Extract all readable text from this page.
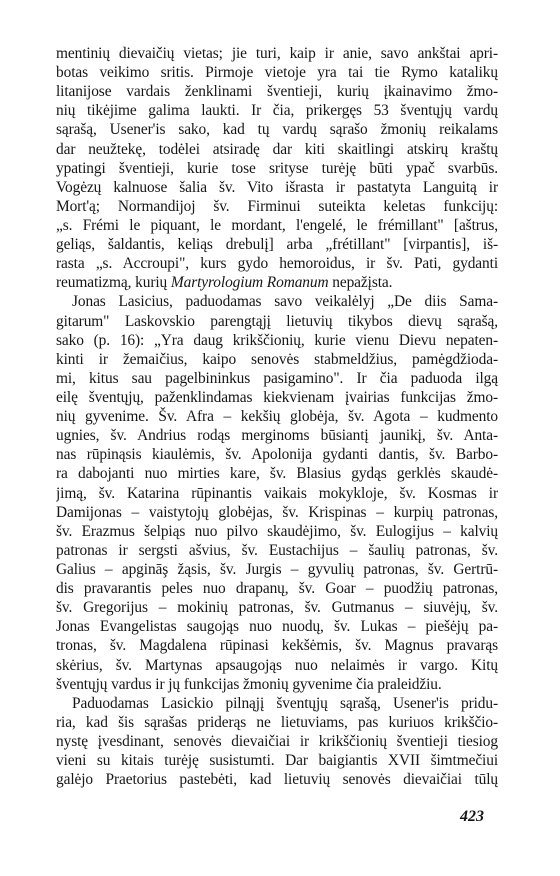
mentinių dievaičių vietas; jie turi, kaip ir anie, savo ankštai apri-
botas veikimo sritis. Pirmoje vietoje yra tai tie Rymo katalikų
litanijose vardais ženklinami šventieji, kurių įkainavimo žmo-
nių tikėjime galima laukti. Ir čia, prikergęs 53 šventųjų vardų
sąrašą, Usener'is sako, kad tų vardų sąrašo žmonių reikalams
dar neužtekę, todėlei atsiradę dar kiti skaitlingi atskirų kraštų
ypatingi šventieji, kurie tose srityse turėję būti ypač svarbūs.
Vogėzų kalnuose šalia šv. Vito išrasta ir pastatyta Languitą ir
Mort'ą; Normandijoj šv. Firminui suteikta keletas funkcijų:
„s. Frémi le piquant, le mordant, l'engelé, le frémillant" [aštrus,
geliąs, šaldantis, keliąs drebulį] arba „frétillant" [virpantis], iš-
rasta „s. Accroupi", kurs gydo hemoroidus, ir šv. Pati, gydanti
reumatizmą, kurių Martyrologium Romanum nepažįsta.
Jonas Lasicius, paduodamas savo veikalėlyj „De diis Sama-
gitarum" Laskovskio parengtąjį lietuvių tikybos dievų sąrašą,
sako (p. 16): „Yra daug krikščionių, kurie vienu Dievu nepaten-
kinti ir žemaičius, kaipo senovės stabmeldžius, pamėgdžioda-
mi, kitus sau pagelbininkus pasigamino". Ir čia paduoda ilgą
eilę šventųjų, paženklindamas kiekvienam įvairias funkcijas žmo-
nių gyvenime. Šv. Afra – kekšių globėja, šv. Agota – kudmento
ugnies, šv. Andrius rodąs merginoms būsiantį jaunikį, šv. Anta-
nas rūpinąsis kiaulėmis, šv. Apolonija gydanti dantis, šv. Barbo-
ra dabojanti nuo mirties kare, šv. Blasius gydąs gerklės skaudė-
jimą, šv. Katarina rūpinantis vaikais mokykloje, šv. Kosmas ir
Damijonas – vaistytojų globėjas, šv. Krispinas – kurpių patronas,
šv. Erazmus šelpiąs nuo pilvo skaudėjimo, šv. Eulogijus – kalvių
patronas ir sergsti ašvius, šv. Eustachijus – šaulių patronas, šv.
Galius – apgināş žąsis, šv. Jurgis – gyvulių patronas, šv. Gertrū-
dis pravarantis peles nuo drapanų, šv. Goar – puodžių patronas,
šv. Gregorijus – mokinių patronas, šv. Gutmanus – siuvėjų, šv.
Jonas Evangelistas saugojąs nuo nuodų, šv. Lukas – piešėjų pa-
tronas, šv. Magdalena rūpinasi kekšėmis, šv. Magnus pravarąs
skėrius, šv. Martynas apsaugojąs nuo nelaimės ir vargo. Kitų
šventųjų vardus ir jų funkcijas žmonių gyvenime čia praleidžiu.
Paduodamas Lasickio pilnąjį šventųjų sąrašą, Usener'is pridu-
ria, kad šis sąrašas priderąs ne lietuviams, pas kuriuos krikščio-
nystę įvesdinant, senovės dievaičiai ir krikščionių šventieji tiesiog
vieni su kitais turėję susistumti. Dar baigiantis XVII šimtmečiui
galėjo Praetorius pastebėti, kad lietuvių senovės dievaičiai tūlų
423
